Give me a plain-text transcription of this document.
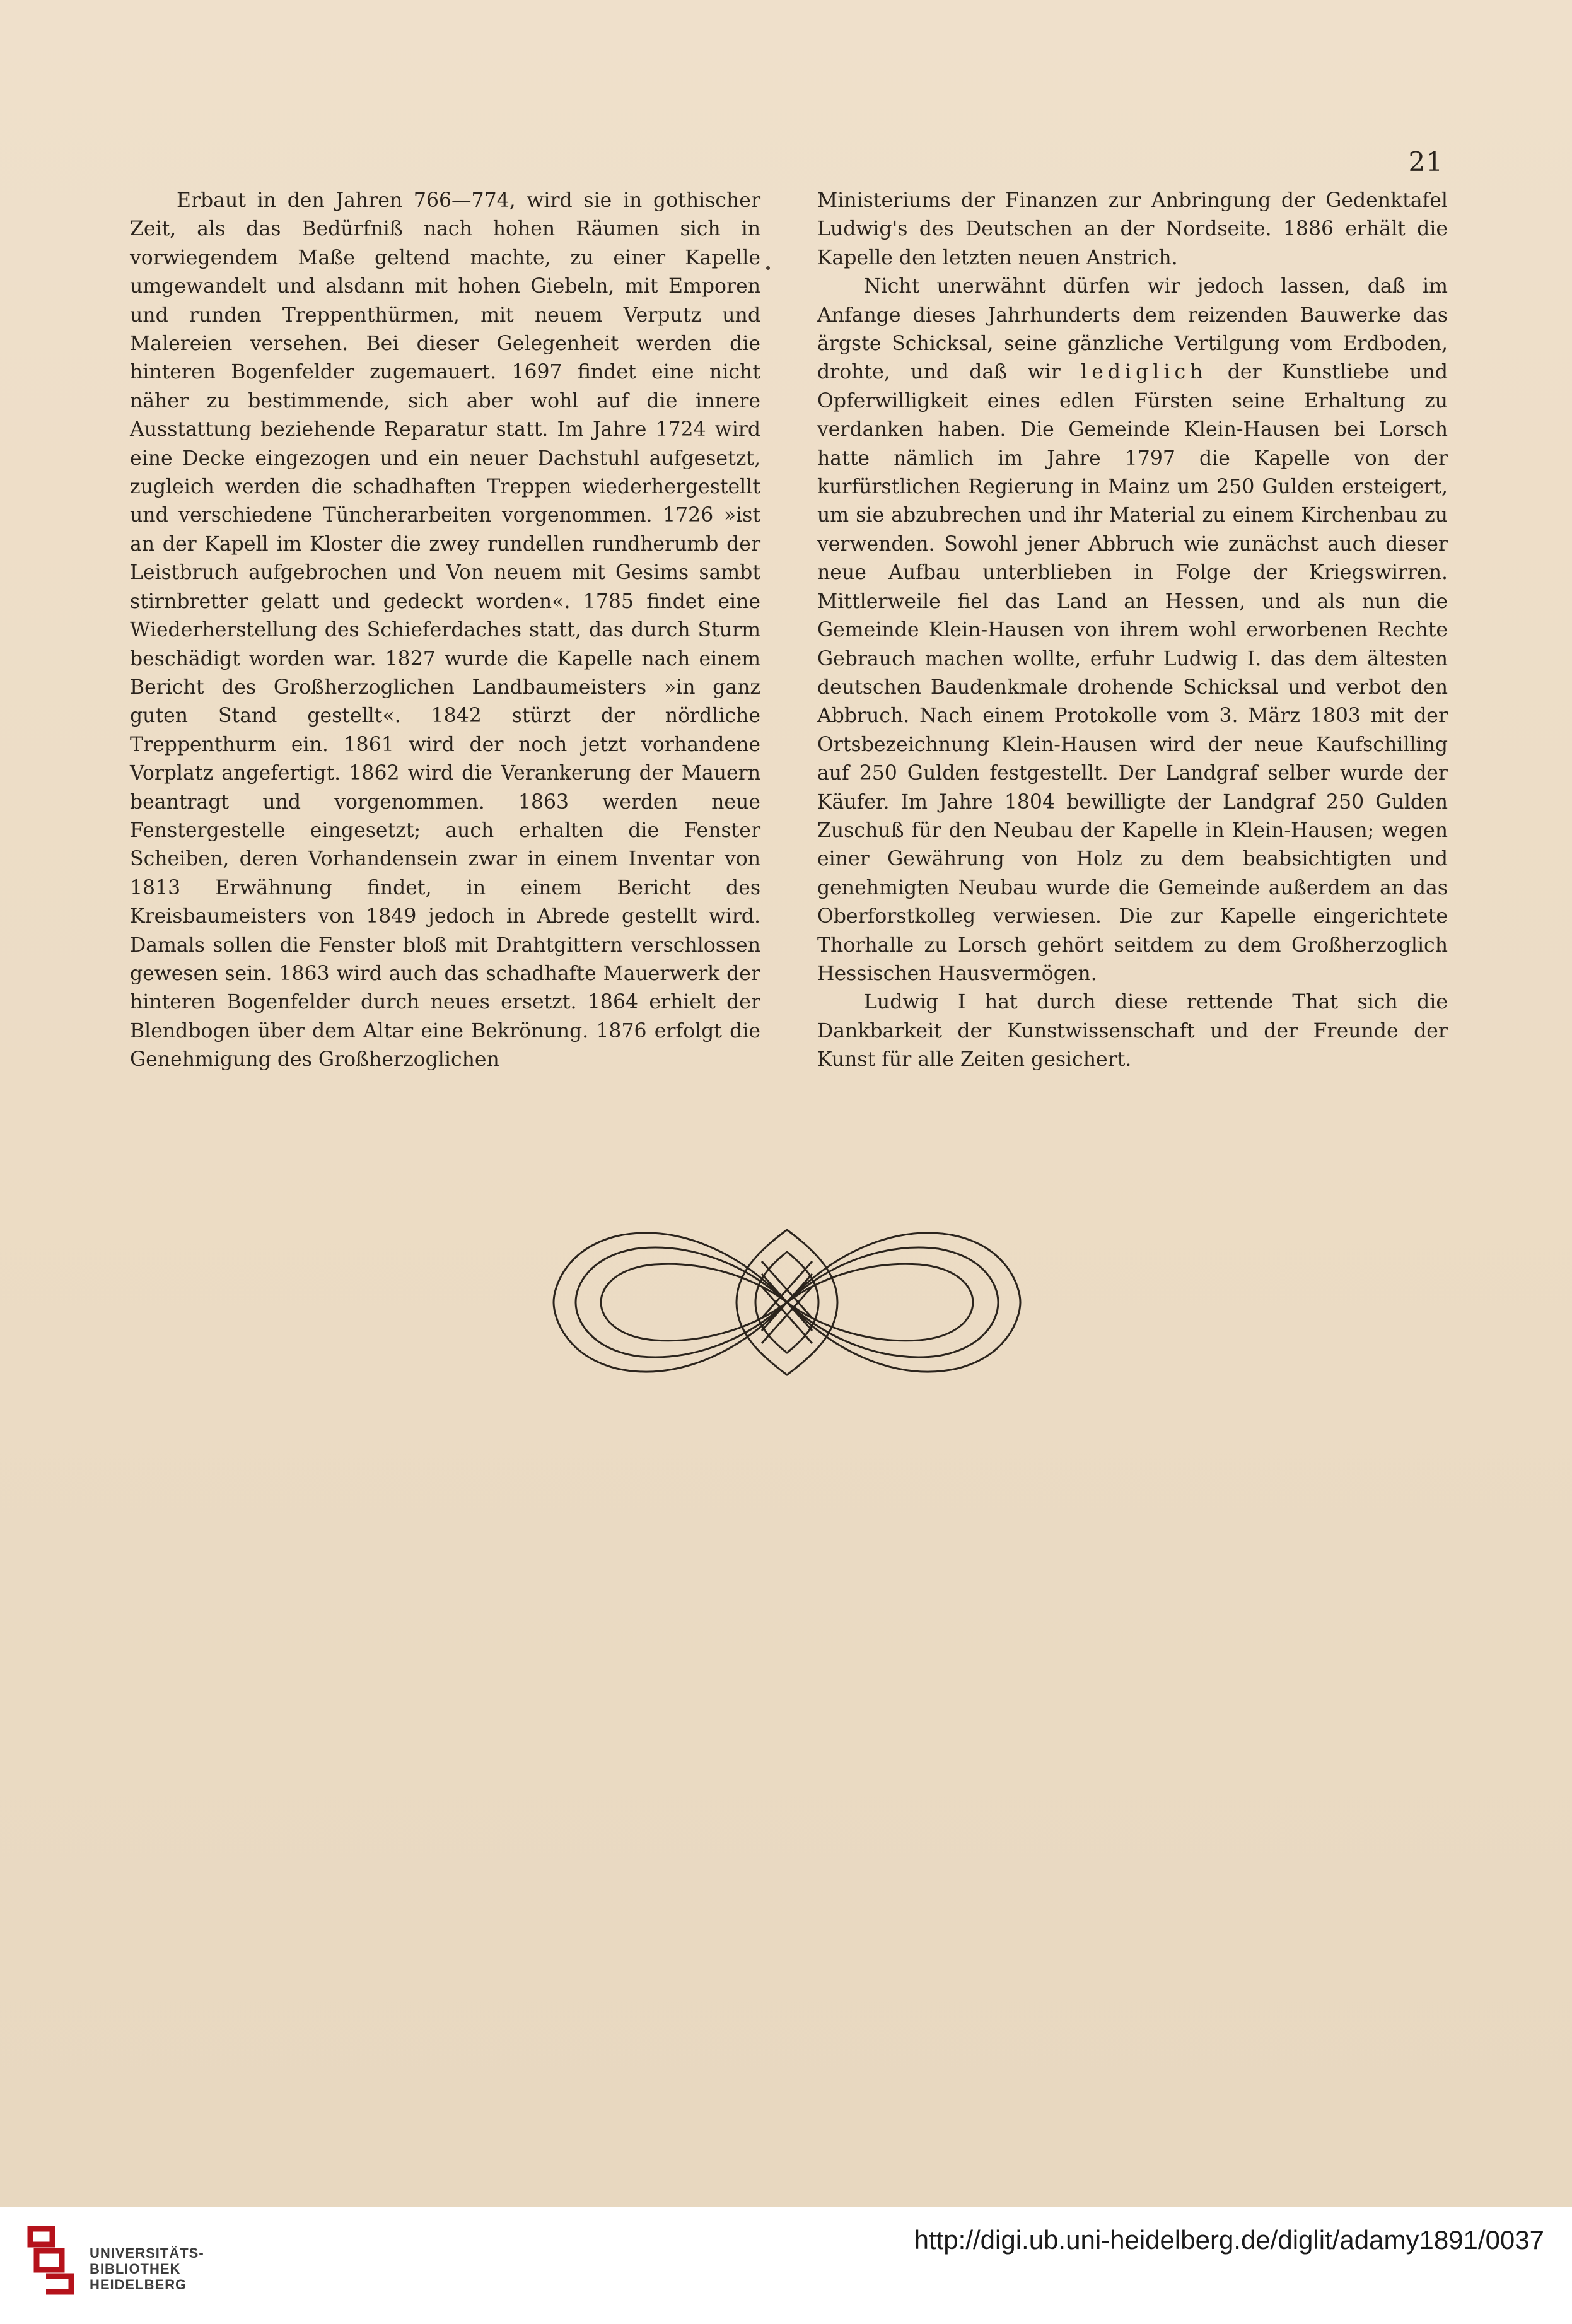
21

Erbaut in den Jahren 766—774, wird sie in gothischer Zeit, als das Bedürfniß nach hohen Räumen sich in vorwiegendem Maße geltend machte, zu einer Kapelle umgewandelt und alsdann mit hohen Giebeln, mit Emporen und runden Treppenthürmen, mit neuem Verputz und Malereien versehen. Bei dieser Gelegenheit werden die hinteren Bogenfelder zugemauert. 1697 findet eine nicht näher zu bestimmende, sich aber wohl auf die innere Ausstattung beziehende Reparatur statt. Im Jahre 1724 wird eine Decke eingezogen und ein neuer Dachstuhl aufgesetzt, zugleich werden die schadhaften Treppen wiederhergestellt und verschiedene Tüncherarbeiten vorgenommen. 1726 »ist an der Kapell im Kloster die zwey rundellen rundherumb der Leistbruch aufgebrochen und Von neuem mit Gesims sambt stirnbretter gelatt und gedeckt worden«. 1785 findet eine Wiederherstellung des Schieferdaches statt, das durch Sturm beschädigt worden war. 1827 wurde die Kapelle nach einem Bericht des Großherzoglichen Landbaumeisters »in ganz guten Stand gestellt«. 1842 stürzt der nördliche Treppenthurm ein. 1861 wird der noch jetzt vorhandene Vorplatz angefertigt. 1862 wird die Verankerung der Mauern beantragt und vorgenommen. 1863 werden neue Fenstergestelle eingesetzt; auch erhalten die Fenster Scheiben, deren Vorhandensein zwar in einem Inventar von 1813 Erwähnung findet, in einem Bericht des Kreisbaumeisters von 1849 jedoch in Abrede gestellt wird. Damals sollen die Fenster bloß mit Drahtgittern verschlossen gewesen sein. 1863 wird auch das schadhafte Mauerwerk der hinteren Bogenfelder durch neues ersetzt. 1864 erhielt der Blendbogen über dem Altar eine Bekrönung. 1876 erfolgt die Genehmigung des Großherzoglichen

Ministeriums der Finanzen zur Anbringung der Gedenktafel Ludwig's des Deutschen an der Nordseite. 1886 erhält die Kapelle den letzten neuen Anstrich.

Nicht unerwähnt dürfen wir jedoch lassen, daß im Anfange dieses Jahrhunderts dem reizenden Bauwerke das ärgste Schicksal, seine gänzliche Vertilgung vom Erdboden, drohte, und daß wir lediglich der Kunstliebe und Opferwilligkeit eines edlen Fürsten seine Erhaltung zu verdanken haben. Die Gemeinde Klein-Hausen bei Lorsch hatte nämlich im Jahre 1797 die Kapelle von der kurfürstlichen Regierung in Mainz um 250 Gulden ersteigert, um sie abzubrechen und ihr Material zu einem Kirchenbau zu verwenden. Sowohl jener Abbruch wie zunächst auch dieser neue Aufbau unterblieben in Folge der Kriegswirren. Mittlerweile fiel das Land an Hessen, und als nun die Gemeinde Klein-Hausen von ihrem wohl erworbenen Rechte Gebrauch machen wollte, erfuhr Ludwig I. das dem ältesten deutschen Baudenkmale drohende Schicksal und verbot den Abbruch. Nach einem Protokolle vom 3. März 1803 mit der Ortsbezeichnung Klein-Hausen wird der neue Kaufschilling auf 250 Gulden festgestellt. Der Landgraf selber wurde der Käufer. Im Jahre 1804 bewilligte der Landgraf 250 Gulden Zuschuß für den Neubau der Kapelle in Klein-Hausen; wegen einer Gewährung von Holz zu dem beabsichtigten und genehmigten Neubau wurde die Gemeinde außerdem an das Oberforstkolleg verwiesen. Die zur Kapelle eingerichtete Thorhalle zu Lorsch gehört seitdem zu dem Großherzoglich Hessischen Hausvermögen.

Ludwig I hat durch diese rettende That sich die Dankbarkeit der Kunstwissenschaft und der Freunde der Kunst für alle Zeiten gesichert.

UNIVERSITÄTS-
BIBLIOTHEK
HEIDELBERG
http://digi.ub.uni-heidelberg.de/diglit/adamy1891/0037
